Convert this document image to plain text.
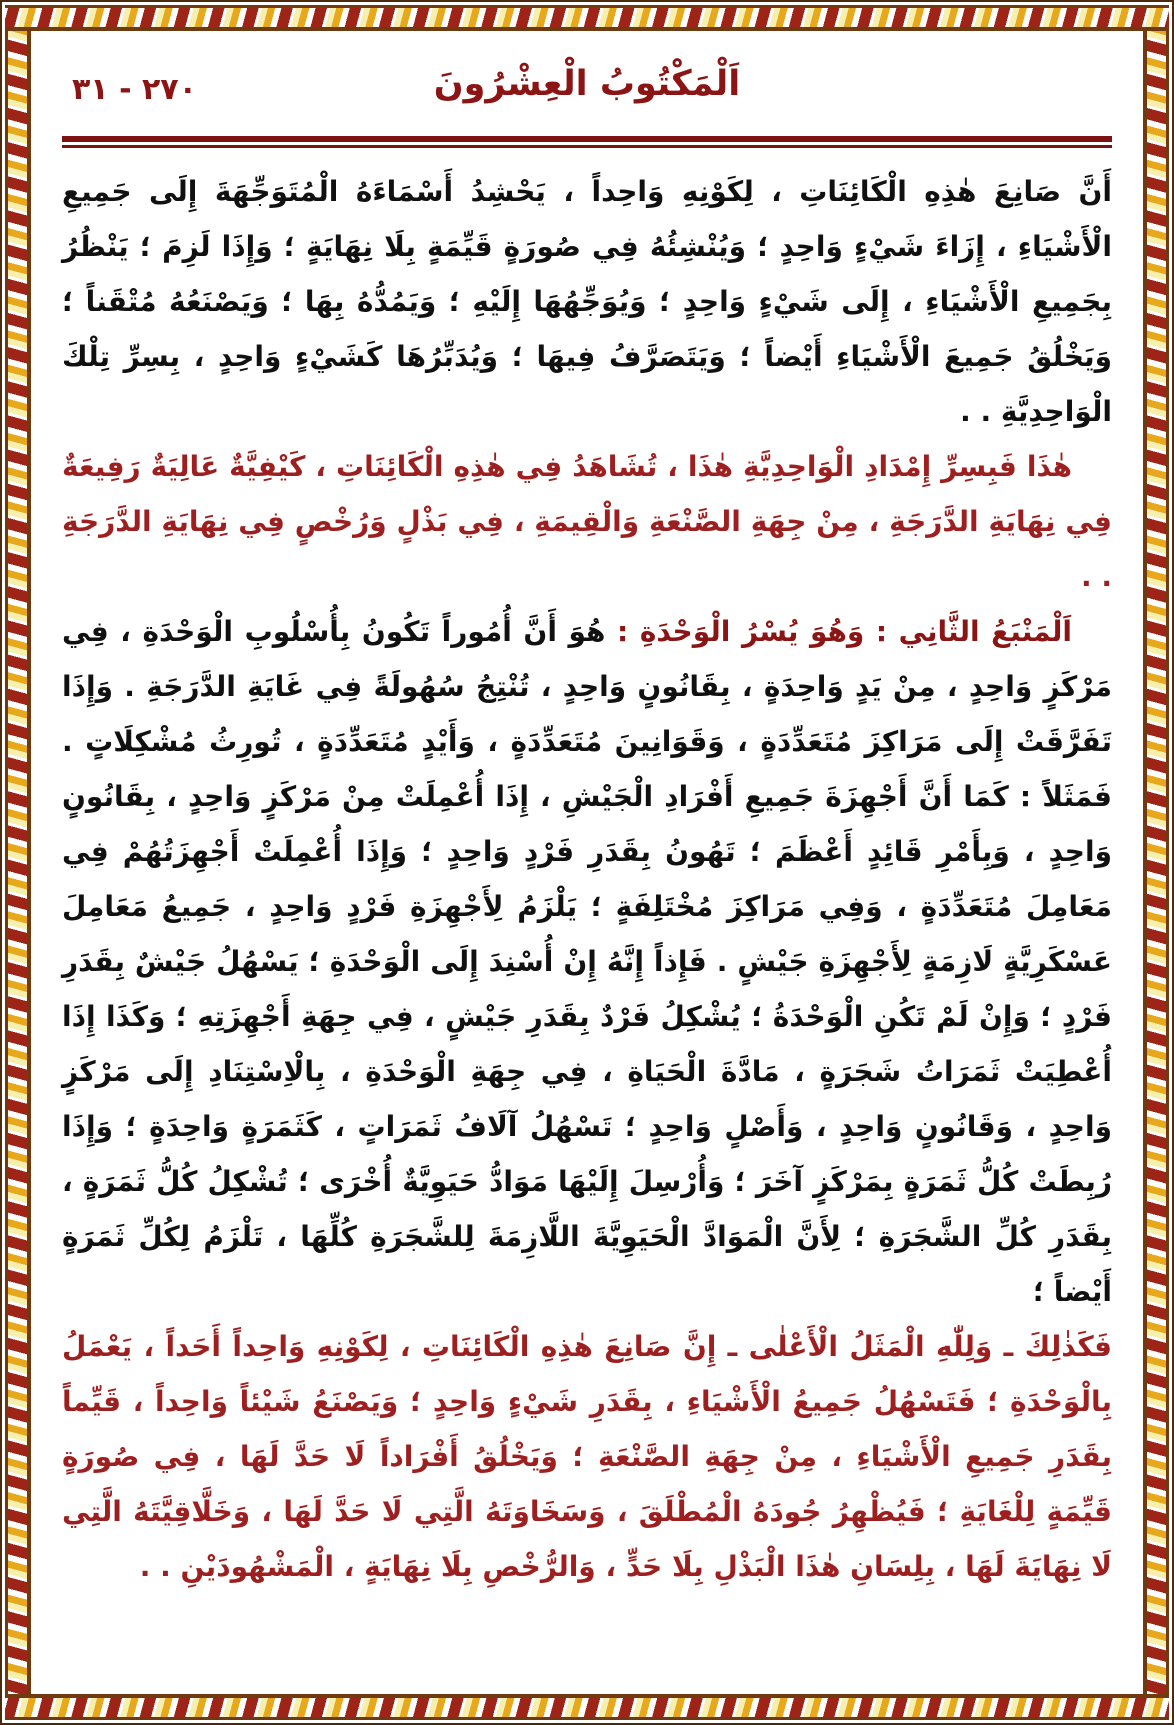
٢٧٠ - ٣١	اَلْمَكْتُوبُ الْعِشْرُونَ

أَنَّ صَانِعَ هٰذِهِ الْكَائِنَاتِ ، لِكَوْنِهِ وَاحِداً ، يَحْشِدُ أَسْمَاءَهُ الْمُتَوَجِّهَةَ إِلَى جَمِيعِ الْأَشْيَاءِ ، إِزَاءَ شَيْءٍ وَاحِدٍ ؛ وَيُنْشِئُهُ فِي صُورَةٍ قَيِّمَةٍ بِلَا نِهَايَةٍ ؛ وَإِذَا لَزِمَ ؛ يَنْظُرُ بِجَمِيعِ الْأَشْيَاءِ ، إِلَى شَيْءٍ وَاحِدٍ ؛ وَيُوَجِّهُهَا إِلَيْهِ ؛ وَيَمُدُّهُ بِهَا ؛ وَيَصْنَعُهُ مُتْقَناً ؛ وَيَخْلُقُ جَمِيعَ الْأَشْيَاءِ أَيْضاً ؛ وَيَتَصَرَّفُ فِيهَا ؛ وَيُدَبِّرُهَا كَشَيْءٍ وَاحِدٍ ، بِسِرِّ تِلْكَ الْوَاحِدِيَّةِ . .

هٰذَا فَبِسِرِّ إِمْدَادِ الْوَاحِدِيَّةِ هٰذَا ، تُشَاهَدُ فِي هٰذِهِ الْكَائِنَاتِ ، كَيْفِيَّةٌ عَالِيَةٌ رَفِيعَةٌ فِي نِهَايَةِ الدَّرَجَةِ ، مِنْ جِهَةِ الصَّنْعَةِ وَالْقِيمَةِ ، فِي بَذْلٍ وَرُخْصٍ فِي نِهَايَةِ الدَّرَجَةِ . .

اَلْمَنْبَعُ الثَّانِي : وَهُوَ يُسْرُ الْوَحْدَةِ : هُوَ أَنَّ أُمُوراً تَكُونُ بِأُسْلُوبِ الْوَحْدَةِ ، فِي مَرْكَزٍ وَاحِدٍ ، مِنْ يَدٍ وَاحِدَةٍ ، بِقَانُونٍ وَاحِدٍ ، تُنْتِجُ سُهُولَةً فِي غَايَةِ الدَّرَجَةِ . وَإِذَا تَفَرَّقَتْ إِلَى مَرَاكِزَ مُتَعَدِّدَةٍ ، وَقَوَانِينَ مُتَعَدِّدَةٍ ، وَأَيْدٍ مُتَعَدِّدَةٍ ، تُورِثُ مُشْكِلَاتٍ . فَمَثَلاً : كَمَا أَنَّ أَجْهِزَةَ جَمِيعِ أَفْرَادِ الْجَيْشِ ، إِذَا أُعْمِلَتْ مِنْ مَرْكَزٍ وَاحِدٍ ، بِقَانُونٍ وَاحِدٍ ، وَبِأَمْرِ قَائِدٍ أَعْظَمَ ؛ تَهُونُ بِقَدَرِ فَرْدٍ وَاحِدٍ ؛ وَإِذَا أُعْمِلَتْ أَجْهِزَتُهُمْ فِي مَعَامِلَ مُتَعَدِّدَةٍ ، وَفِي مَرَاكِزَ مُخْتَلِفَةٍ ؛ يَلْزَمُ لِأَجْهِزَةِ فَرْدٍ وَاحِدٍ ، جَمِيعُ مَعَامِلَ عَسْكَرِيَّةٍ لَازِمَةٍ لِأَجْهِزَةِ جَيْشٍ . فَإِذاً إِنَّهُ إِنْ أُسْنِدَ إِلَى الْوَحْدَةِ ؛ يَسْهُلُ جَيْشٌ بِقَدَرِ فَرْدٍ ؛ وَإِنْ لَمْ تَكُنِ الْوَحْدَةُ ؛ يُشْكِلُ فَرْدٌ بِقَدَرِ جَيْشٍ ، فِي جِهَةِ أَجْهِزَتِهِ ؛ وَكَذَا إِذَا أُعْطِيَتْ ثَمَرَاتُ شَجَرَةٍ ، مَادَّةَ الْحَيَاةِ ، فِي جِهَةِ الْوَحْدَةِ ، بِالْاِسْتِنَادِ إِلَى مَرْكَزٍ وَاحِدٍ ، وَقَانُونٍ وَاحِدٍ ، وَأَصْلٍ وَاحِدٍ ؛ تَسْهُلُ آلَافُ ثَمَرَاتٍ ، كَثَمَرَةٍ وَاحِدَةٍ ؛ وَإِذَا رُبِطَتْ كُلُّ ثَمَرَةٍ بِمَرْكَزٍ آخَرَ ؛ وَأُرْسِلَ إِلَيْهَا مَوَادُّ حَيَوِيَّةٌ أُخْرَى ؛ تُشْكِلُ كُلُّ ثَمَرَةٍ ، بِقَدَرِ كُلِّ الشَّجَرَةِ ؛ لِأَنَّ الْمَوَادَّ الْحَيَوِيَّةَ اللَّازِمَةَ لِلشَّجَرَةِ كُلِّهَا ، تَلْزَمُ لِكُلِّ ثَمَرَةٍ أَيْضاً ؛

فَكَذٰلِكَ ـ وَلِلّٰهِ الْمَثَلُ الْأَعْلٰى ـ إِنَّ صَانِعَ هٰذِهِ الْكَائِنَاتِ ، لِكَوْنِهِ وَاحِداً أَحَداً ، يَعْمَلُ بِالْوَحْدَةِ ؛ فَتَسْهُلُ جَمِيعُ الْأَشْيَاءِ ، بِقَدَرِ شَيْءٍ وَاحِدٍ ؛ وَيَصْنَعُ شَيْئاً وَاحِداً ، قَيِّماً بِقَدَرِ جَمِيعِ الْأَشْيَاءِ ، مِنْ جِهَةِ الصَّنْعَةِ ؛ وَيَخْلُقُ أَفْرَاداً لَا حَدَّ لَهَا ، فِي صُورَةٍ قَيِّمَةٍ لِلْغَايَةِ ؛ فَيُظْهِرُ جُودَهُ الْمُطْلَقَ ، وَسَخَاوَتَهُ الَّتِي لَا حَدَّ لَهَا ، وَخَلَّاقِيَّتَهُ الَّتِي لَا نِهَايَةَ لَهَا ، بِلِسَانِ هٰذَا الْبَذْلِ بِلَا حَدٍّ ، وَالرُّخْصِ بِلَا نِهَايَةٍ ، الْمَشْهُودَيْنِ . .
